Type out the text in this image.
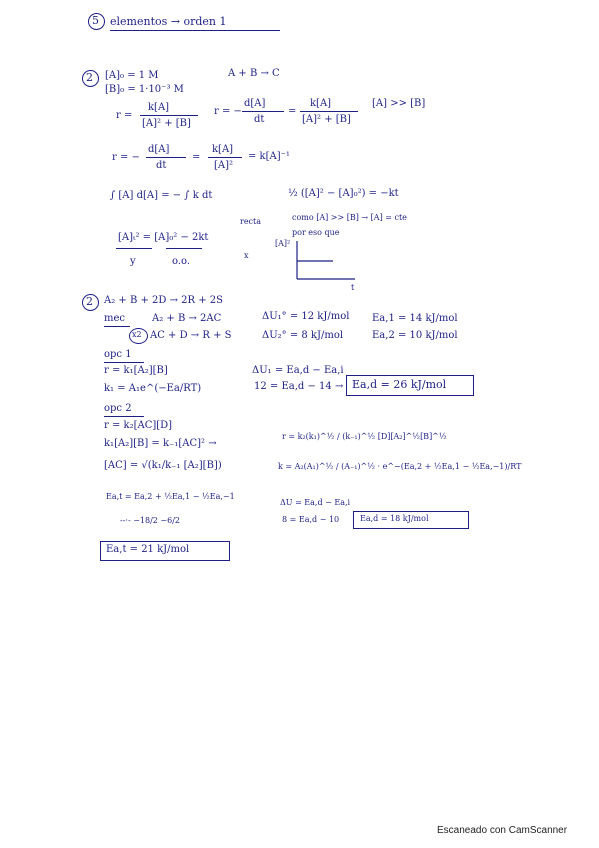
5 elementos → orden 1
2 [A]₀ = 1 M
[B]₀ = 1·10⁻³ M
A + B → C
r =
k[A]
[A]² + [B]
r = −
d[A]
dt
=
k[A]
[A]² + [B]
[A] >> [B]
r = −
d[A]
dt
=
k[A]
[A]²
= k[A]⁻¹
∫ [A] d[A] = − ∫ k dt	½ ([A]² − [A]₀²) = −kt
recta	como [A] >> [B] → [A] = cte
por eso que
[A]ₜ² = [A]₀² − 2kt
y	o.o.
x
[A]²
t
2 A₂ + B + 2D → 2R + 2S
mec	A₂ + B → 2AC	ΔU₁° = 12 kJ/mol Ea,1 = 14 kJ/mol
x2 AC + D → R + S	ΔU₂° = 8 kJ/mol	Ea,2 = 10 kJ/mol
opc 1
r = k₁[A₂][B]
k₁ = A₁e^(−Ea/RT)
ΔU₁ = Ea,d − Ea,i
12 = Ea,d − 14 → Ea,d = 26 kJ/mol
opc 2
r = k₂[AC][D]
k₁[A₂][B] = k₋₁[AC]² →
r = k₂(k₁)^½ / (k₋₁)^½ [D][A₂]^½[B]^½
[AC] = √(k₁/k₋₁ [A₂][B])	k = A₂(A₁)^½ / (A₋₁)^½ · e^−(Ea,2 + ½Ea,1 − ½Ea,−1)/RT
Ea,t = Ea,2 + ½Ea,1 − ½Ea,−1
--·- −18/2 −6/2
ΔU = Ea,d − Ea,i
8 = Ea,d − 10	Ea,d = 18 kJ/mol
Ea,t = 21 kJ/mol
Escaneado con CamScanner
